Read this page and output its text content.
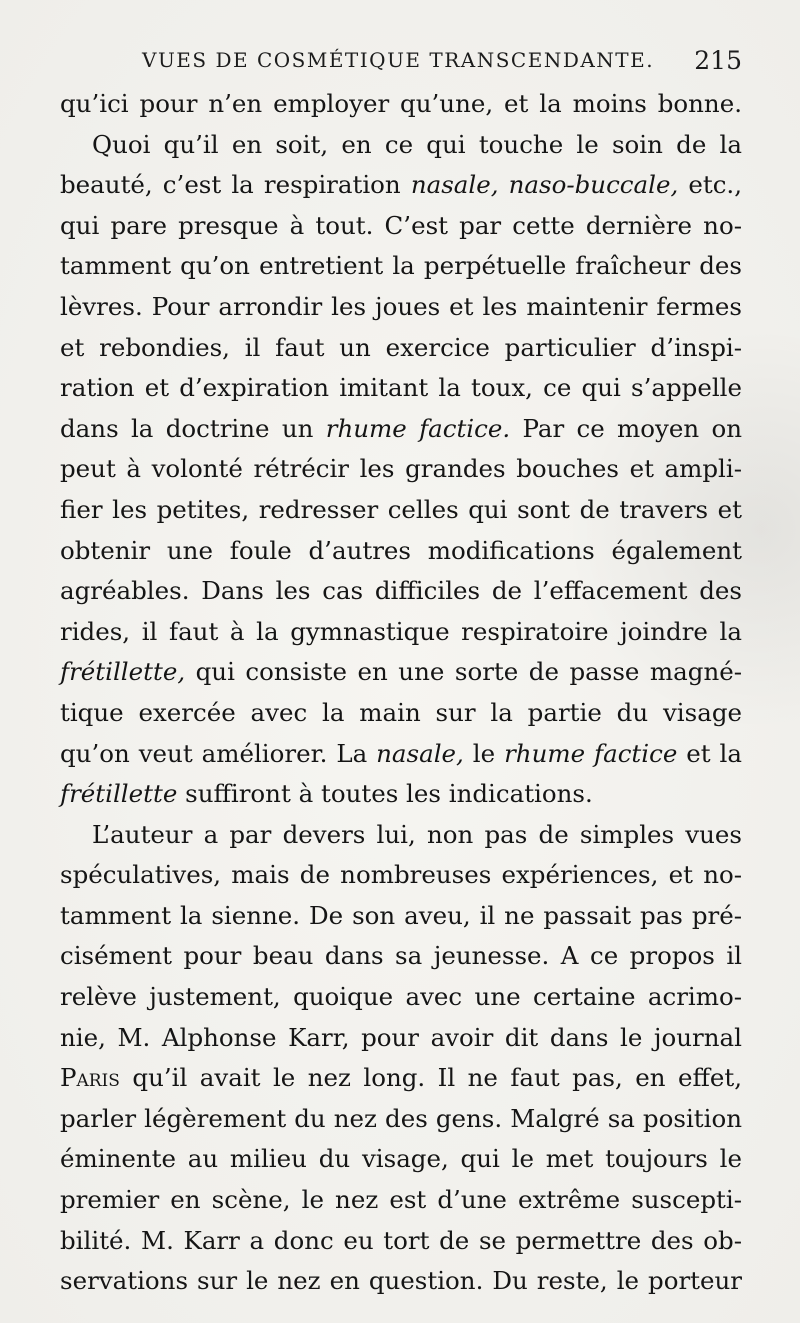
VUES DE COSMÉTIQUE TRANSCENDANTE. 215
qu’ici pour n’en employer qu’une, et la moins bonne.
Quoi qu’il en soit, en ce qui touche le soin de la
beauté, c’est la respiration nasale, naso-buccale, etc.,
qui pare presque à tout. C’est par cette dernière no-
tamment qu’on entretient la perpétuelle fraîcheur des
lèvres. Pour arrondir les joues et les maintenir fermes
et rebondies, il faut un exercice particulier d’inspi-
ration et d’expiration imitant la toux, ce qui s’appelle
dans la doctrine un rhume factice. Par ce moyen on
peut à volonté rétrécir les grandes bouches et ampli-
fier les petites, redresser celles qui sont de travers et
obtenir une foule d’autres modifications également
agréables. Dans les cas difficiles de l’effacement des
rides, il faut à la gymnastique respiratoire joindre la
frétillette, qui consiste en une sorte de passe magné-
tique exercée avec la main sur la partie du visage
qu’on veut améliorer. La nasale, le rhume factice et la
frétillette suffiront à toutes les indications.
L’auteur a par devers lui, non pas de simples vues
spéculatives, mais de nombreuses expériences, et no-
tamment la sienne. De son aveu, il ne passait pas pré-
cisément pour beau dans sa jeunesse. A ce propos il
relève justement, quoique avec une certaine acrimo-
nie, M. Alphonse Karr, pour avoir dit dans le journal
Paris qu’il avait le nez long. Il ne faut pas, en effet,
parler légèrement du nez des gens. Malgré sa position
éminente au milieu du visage, qui le met toujours le
premier en scène, le nez est d’une extrême suscepti-
bilité. M. Karr a donc eu tort de se permettre des ob-
servations sur le nez en question. Du reste, le porteur
